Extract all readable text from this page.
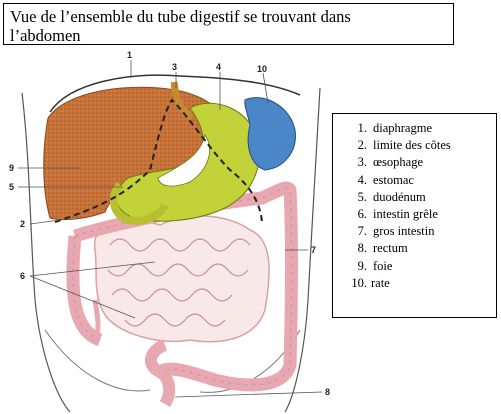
Vue de l’ensemble du tube digestif se trouvant dans
l’abdomen
1
3	4	10
9
5
2
6
7
8
1. diaphragme
2. limite des côtes
3. œsophage
4. estomac
5. duodénum
6. intestin grêle
7. gros intestin
8. rectum
9. foie
10. rate
